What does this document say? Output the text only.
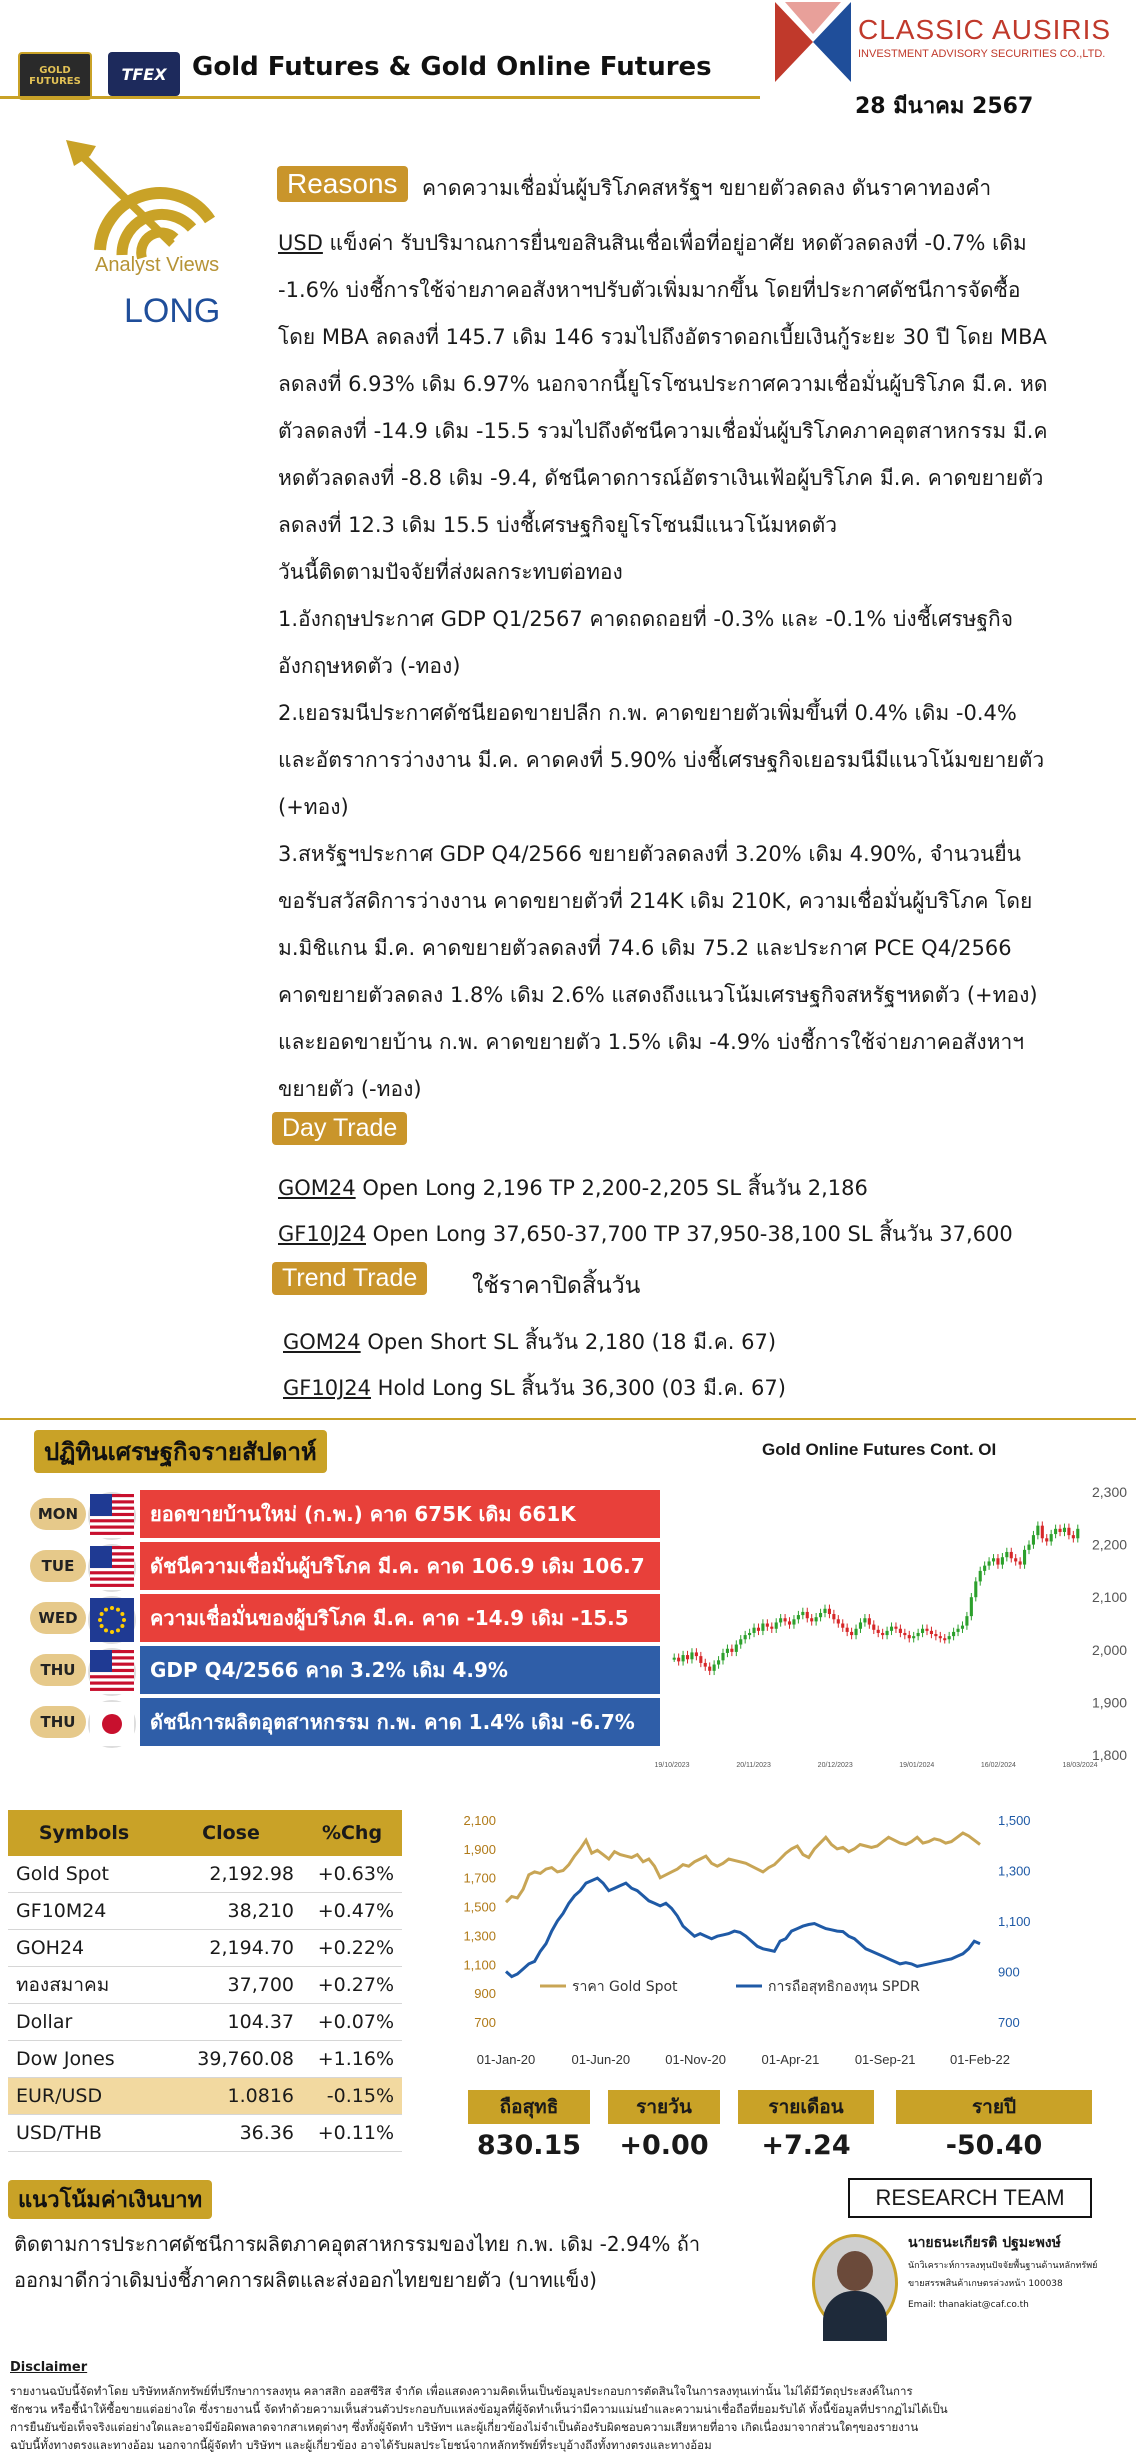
GOLD FUTURES	TFEX Gold Futures & Gold Online Futures
CLASSIC AUSIRIS
INVESTMENT ADVISORY SECURITIES CO.,LTD.
28 มีนาคม 2567
Analyst Views
LONG
Reasons	คาดความเชื่อมั่นผู้บริโภคสหรัฐฯ ขยายตัวลดลง ดันราคาทองคำ
USD แข็งค่า รับปริมาณการยื่นขอสินสินเชื่อเพื่อที่อยู่อาศัย หดตัวลดลงที่ -0.7% เดิม
-1.6% บ่งชี้การใช้จ่ายภาคอสังหาฯปรับตัวเพิ่มมากขึ้น โดยที่ประกาศดัชนีการจัดซื้อ
โดย MBA ลดลงที่ 145.7 เดิม 146 รวมไปถึงอัตราดอกเบี้ยเงินกู้ระยะ 30 ปี โดย MBA
ลดลงที่ 6.93% เดิม 6.97% นอกจากนี้ยูโรโซนประกาศความเชื่อมั่นผู้บริโภค มี.ค. หด
ตัวลดลงที่ -14.9 เดิม -15.5 รวมไปถึงดัชนีความเชื่อมั่นผู้บริโภคภาคอุตสาหกรรม มี.ค
หดตัวลดลงที่ -8.8 เดิม -9.4, ดัชนีคาดการณ์อัตราเงินเฟ้อผู้บริโภค มี.ค. คาดขยายตัว
ลดลงที่ 12.3 เดิม 15.5 บ่งชี้เศรษฐกิจยูโรโซนมีแนวโน้มหดตัว
วันนี้ติดตามปัจจัยที่ส่งผลกระทบต่อทอง
1.อังกฤษประกาศ GDP Q1/2567 คาดถดถอยที่ -0.3% และ -0.1% บ่งชี้เศรษฐกิจ
อังกฤษหดตัว (-ทอง)
2.เยอรมนีประกาศดัชนียอดขายปลีก ก.พ. คาดขยายตัวเพิ่มขึ้นที่ 0.4% เดิม -0.4%
และอัตราการว่างงาน มี.ค. คาดคงที่ 5.90% บ่งชี้เศรษฐกิจเยอรมนีมีแนวโน้มขยายตัว
(+ทอง)
3.สหรัฐฯประกาศ GDP Q4/2566 ขยายตัวลดลงที่ 3.20% เดิม 4.90%, จำนวนยื่น
ขอรับสวัสดิการว่างงาน คาดขยายตัวที่ 214K เดิม 210K, ความเชื่อมั่นผู้บริโภค โดย
ม.มิชิแกน มี.ค. คาดขยายตัวลดลงที่ 74.6 เดิม 75.2 และประกาศ PCE Q4/2566
คาดขยายตัวลดลง 1.8% เดิม 2.6% แสดงถึงแนวโน้มเศรษฐกิจสหรัฐฯหดตัว (+ทอง)
และยอดขายบ้าน ก.พ. คาดขยายตัว 1.5% เดิม -4.9% บ่งชี้การใช้จ่ายภาคอสังหาฯ
ขยายตัว (-ทอง)
Day Trade
GOM24 Open Long 2,196 TP 2,200-2,205 SL สิ้นวัน 2,186
GF10J24 Open Long 37,650-37,700 TP 37,950-38,100 SL สิ้นวัน 37,600
Trend Trade	ใช้ราคาปิดสิ้นวัน
GOM24 Open Short SL สิ้นวัน 2,180 (18 มี.ค. 67)
GF10J24 Hold Long SL สิ้นวัน 36,300 (03 มี.ค. 67)
ปฏิทินเศรษฐกิจรายสัปดาห์
ยอดขายบ้านใหม่ (ก.พ.) คาด 675K เดิม 661K
MON
ดัชนีความเชื่อมั่นผู้บริโภค มี.ค. คาด 106.9 เดิม 106.7
TUE
ความเชื่อมั่นของผู้บริโภค มี.ค. คาด -14.9 เดิม -15.5
WED
GDP Q4/2566 คาด 3.2% เดิม 4.9%
THU
ดัชนีการผลิตอุตสาหกรรม ก.พ. คาด 1.4% เดิม -6.7%
THU
Gold Online Futures Cont. OI
2,300
2,200
2,100
2,000
1,900
1,800
19/10/2023	20/11/2023	20/12/2023	19/01/2024	16/02/2024	18/03/2024
Symbols	Close	%Chg
Gold Spot	2,192.98	+0.63%
GF10M24	38,210	+0.47%
GOH24	2,194.70	+0.22%
ทองสมาคม	37,700	+0.27%
Dollar	104.37	+0.07%
Dow Jones	39,760.08	+1.16%
EUR/USD	1.0816	-0.15%
USD/THB	36.36	+0.11%
2,100
1,900
1,700
1,500
1,300
1,100
900
700
1,500
1,300
1,100
900
700
01-Jan-20	01-Jun-20	01-Nov-20	01-Apr-21	01-Sep-21	01-Feb-22
ราคา Gold Spot	การถือสุทธิกองทุน SPDR
ถือสุทธิ	รายวัน	รายเดือน	รายปี
830.15	+0.00	+7.24	-50.40
แนวโน้มค่าเงินบาท
ติดตามการประกาศดัชนีการผลิตภาคอุตสาหกรรมของไทย ก.พ. เดิม -2.94% ถ้า
ออกมาดีกว่าเดิมบ่งชี้ภาคการผลิตและส่งออกไทยขยายตัว (บาทแข็ง)
RESEARCH TEAM
นายธนะเกียรติ ปฐมะพงษ์
นักวิเคราะห์การลงทุนปัจจัยพื้นฐานด้านหลักทรัพย์
ขายสรรพสินค้าเกษตรล่วงหน้า 100038
Email: thanakiat@caf.co.th
Disclaimer
รายงานฉบับนี้จัดทำโดย บริษัทหลักทรัพย์ที่ปรึกษาการลงทุน คลาสสิก ออสซีริส จำกัด เพื่อแสดงความคิดเห็นเป็นข้อมูลประกอบการตัดสินใจในการลงทุนเท่านั้น ไม่ได้มีวัตถุประสงค์ในการ
ชักชวน หรือชี้นำให้ซื้อขายแต่อย่างใด ซึ่งรายงานนี้ จัดทำด้วยความเห็นส่วนตัวประกอบกับแหล่งข้อมูลที่ผู้จัดทำเห็นว่ามีความแม่นยำและความน่าเชื่อถือที่ยอมรับได้ ทั้งนี้ข้อมูลที่ปรากฏไม่ได้เป็น
การยืนยันข้อเท็จจริงแต่อย่างใดและอาจมีข้อผิดพลาดจากสาเหตุต่างๆ ซึ่งทั้งผู้จัดทำ บริษัทฯ และผู้เกี่ยวข้องไม่จำเป็นต้องรับผิดชอบความเสียหายที่อาจ เกิดเนื่องมาจากส่วนใดๆของรายงาน
ฉบับนี้ทั้งทางตรงและทางอ้อม นอกจากนี้ผู้จัดทำ บริษัทฯ และผู้เกี่ยวข้อง อาจได้รับผลประโยชน์จากหลักทรัพย์ที่ระบุอ้างถึงทั้งทางตรงและทางอ้อม
